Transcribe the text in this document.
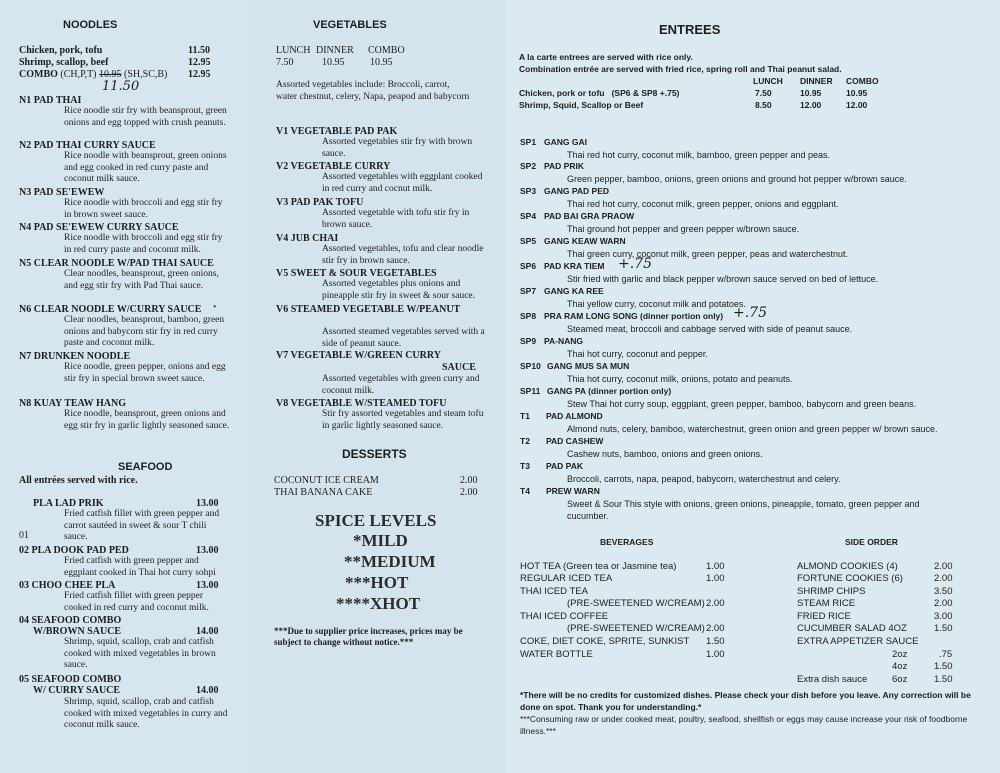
NOODLES
Chicken, pork, tofu	11.50
Shrimp, scallop, beef	12.95
COMBO (CH,P,T) 10.95 (SH,SC,B) 12.95
11.50
N1 PAD THAI
Rice noodle stir fry with beansprout, green onions and egg topped with crush peanuts.
N2 PAD THAI CURRY SAUCE
Rice noodle with beansprout, green onions and egg cooked in red curry paste and coconut milk sauce.
N3 PAD SE'EWEW
Rice noodle with broccoli and egg stir fry in brown sweet sauce.
N4 PAD SE'EWEW CURRY SAUCE
Rice noodle with broccoli and egg stir fry in red curry paste and coconut milk.
N5 CLEAR NOODLE W/PAD THAI SAUCE
Clear noodles, beansprout, green onions, and egg stir fry with Pad Thai sauce.
N6 CLEAR NOODLE W/CURRY SAUCE •
Clear noodles, beansprout, bamboo, green onions and babycorn stir fry in red curry paste and coconut milk.
N7 DRUNKEN NOODLE
Rice noodle, green pepper, onions and egg stir fry in special brown sweet sauce.
N8 KUAY TEAW HANG
Rice noodle, beansprout, green onions and egg stir fry in garlic lightly seasoned sauce.
SEAFOOD
All entrées served with rice.
PLA LAD PRIK	13.00
Fried catfish fillet with green pepper and carrot sautéed in sweet & sour T chili sauce.
01
02 PLA DOOK PAD PED	13.00
Fried catfish with green pepper and eggplant cooked in Thai hot curry sohpi
03 CHOO CHEE PLA	13.00
Fried catfish fillet with green pepper cooked in red curry and coconut milk.
04 SEAFOOD COMBO
W/BROWN SAUCE	14.00
Shrimp, squid, scallop, crab and catfish cooked with mixed vegetables in brown sauce.
05 SEAFOOD COMBO
W/ CURRY SAUCE	14.00
Shrimp, squid, scallop, crab and catfish cooked with mixed vegetables in curry and coconut milk sauce.
VEGETABLES
LUNCH DINNER COMBO
7.50	10.95	10.95
Assorted vegetables include: Broccoli, carrot, water chestnut, celery, Napa, peapod and babycorn
V1 VEGETABLE PAD PAK
Assorted vegetables stir fry with brown sauce.
V2 VEGETABLE CURRY
Assorted vegetables with eggplant cooked in red curry and cocnut milk.
V3 PAD PAK TOFU
Assorted vegetable with tofu stir fry in brown sauce.
V4 JUB CHAI
Assorted vegetables, tofu and clear noodle stir fry in brown sauce.
V5 SWEET & SOUR VEGETABLES
Assorted vegetables plus onions and pineapple stir fry in sweet & sour sauce.
V6 STEAMED VEGETABLE W/PEANUT
Assorted steamed vegetables served with a side of peanut sauce.
V7 VEGETABLE W/GREEN CURRY
SAUCE
Assorted vegetables with green curry and coconut milk.
V8 VEGETABLE W/STEAMED TOFU
Stir fry assorted vegetables and steam tofu in garlic lightly seasoned sauce.
DESSERTS
COCONUT ICE CREAM	2.00
THAI BANANA CAKE	2.00
SPICE LEVELS
*MILD
**MEDIUM
***HOT
****XHOT
***Due to supplier price increases, prices may be subject to change without notice.***
ENTREES
A la carte entrees are served with rice only.
Combination entrée are served with fried rice, spring roll and Thai peanut salad.
LUNCH DINNER COMBO
Chicken, pork or tofu (SP6 & SP8 +.75)	7.50	10.95	10.95
Shrimp, Squid, Scallop or Beef	8.50	12.00	12.00
SP1 GANG GAI
Thai red hot curry, coconut milk, bamboo, green pepper and peas.
SP2 PAD PRIK
Green pepper, bamboo, onions, green onions and ground hot pepper w/brown sauce.
SP3 GANG PAD PED
Thai red hot curry, coconut milk, green pepper, onions and eggplant.
SP4 PAD BAI GRA PRAOW
Thai ground hot pepper and green pepper w/brown sauce.
SP5 GANG KEAW WARN
Thai green curry, coconut milk, green pepper, peas and waterchestnut.
SP6 PAD KRA TIEM +.75
Stir fried with garlic and black pepper w/brown sauce served on bed of lettuce.
SP7 GANG KA REE
Thai yellow curry, coconut milk and potatoes.
SP8 PRA RAM LONG SONG (dinner portion only) +.75
Steamed meat, broccoli and cabbage served with side of peanut sauce.
SP9 PA-NANG
Thai hot curry, coconut and pepper.
SP10 GANG MUS SA MUN
Thia hot curry, coconut milk, onions, potato and peanuts.
SP11 GANG PA (dinner portion only)
Stew Thai hot curry soup, eggplant, green pepper, bamboo, babycorn and green beans.
T1 PAD ALMOND
Almond nuts, celery, bamboo, waterchestnut, green onion and green pepper w/ brown sauce.
T2 PAD CASHEW
Cashew nuts, bamboo, onions and green onions.
T3 PAD PAK
Broccoli, carrots, napa, peapod, babycorn, waterchestnut and celery.
T4 PREW WARN
Sweet & Sour This style with onions, green onions, pineapple, tomato, green pepper and cucumber.
BEVERAGES
HOT TEA (Green tea or Jasmine tea)	1.00
REGULAR ICED TEA	1.00
THAI ICED TEA
(PRE-SWEETENED W/CREAM) 2.00
THAI ICED COFFEE
(PRE-SWEETENED W/CREAM) 2.00
COKE, DIET COKE, SPRITE, SUNKIST 1.50
WATER BOTTLE	1.00
SIDE ORDER
ALMOND COOKIES (4)	2.00
FORTUNE COOKIES (6)	2.00
SHRIMP CHIPS	3.50
STEAM RICE	2.00
FRIED RICE	3.00
CUCUMBER SALAD 4OZ	1.50
EXTRA APPETIZER SAUCE
2oz	.75
4oz	1.50
Extra dish sauce	6oz	1.50
*There will be no credits for customized dishes. Please check your dish before you leave. Any correction will be done on spot. Thank you for understanding.*
***Consuming raw or under cooked meat, poultry, seafood, shellfish or eggs may cause increase your risk of foodborne illness.***
